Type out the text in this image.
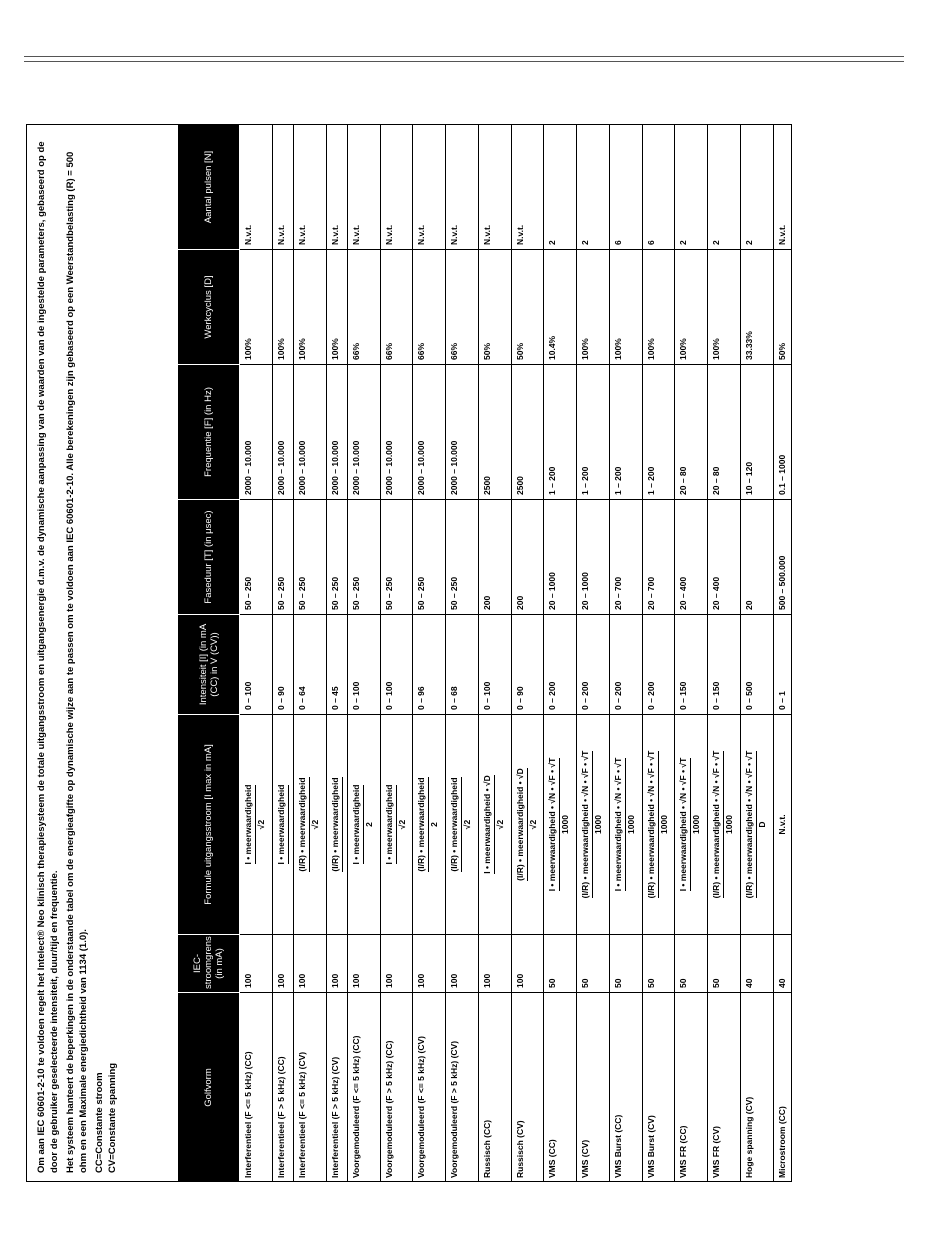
Om aan IEC 60601-2-10 te voldoen regelt het Intelect® Neo klinisch therapiesysteem de totale uitgangsstroom en uitgangsenergie d.m.v. de dynamische aanpassing van de waarden van de ingestelde parameters, gebaseerd op de door de gebruiker geselecteerde intensiteit, duur/tijd en frequentie. Het systeem hanteert de beperkingen in de onderstaande tabel om de energieafgifte op dynamische wijze aan te passen om te voldoen aan IEC 60601-2-10. Alle berekeningen zijn gebaseerd op een Weerstandbelasting (R) = 500 ohm en een Maximale energiedichtheid van 1134 (1.0). CC=Constante stroom CV=Constante spanning	Golfvorm	IEC-stroomgrens (in mA)	Formule uitgangsstroom [I max in mA]	Intensiteit [I] (in mA (CC) in V (CV))	Faseduur [T] (in μsec)	Frequentie [F] (in Hz)	Werkcyclus [D]	Aantal pulsen [N]
Interferentieel (F <= 5 kHz) (CC)	100	I • meerwaardigheid √2	0 – 100	50 – 250	2000 – 10.000	100%	N.v.t.
Interferentieel (F > 5 kHz) (CC)	100	I • meerwaardigheid	0 – 90	50 – 250	2000 – 10.000	100%	N.v.t.
Interferentieel (F <= 5 kHz) (CV)	100	(I/R) • meerwaardigheid √2	0 – 64	50 – 250	2000 – 10.000	100%	N.v.t.
Interferentieel (F > 5 kHz) (CV)	100	(I/R) • meerwaardigheid	0 – 45	50 – 250	2000 – 10.000	100%	N.v.t.
Voorgemoduleerd (F <= 5 kHz) (CC)	100	I • meerwaardigheid 2	0 – 100	50 – 250	2000 – 10.000	66%	N.v.t.
Voorgemoduleerd (F > 5 kHz) (CC)	100	I • meerwaardigheid √2	0 – 100	50 – 250	2000 – 10.000	66%	N.v.t.
Voorgemoduleerd (F <= 5 kHz) (CV)	100	(I/R) • meerwaardigheid 2	0 – 96	50 – 250	2000 – 10.000	66%	N.v.t.
Voorgemoduleerd (F > 5 kHz) (CV)	100	(I/R) • meerwaardigheid √2	0 – 68	50 – 250	2000 – 10.000	66%	N.v.t.
Russisch (CC)	100	I • meerwaardigheid • √D √2	0 – 100	200	2500	50%	N.v.t.
Russisch (CV)	100	(I/R) • meerwaardigheid • √D √2	0 – 90	200	2500	50%	N.v.t.
VMS (CC)	50	I • meerwaardigheid • √N • √F • √T 1000	0 – 200	20 – 1000	1 – 200	10.4%	2
VMS (CV)	50	(I/R) • meerwaardigheid • √N • √F • √T 1000	0 – 200	20 – 1000	1 – 200	100%	2
VMS Burst (CC)	50	I • meerwaardigheid • √N • √F • √T 1000	0 – 200	20 – 700	1 – 200	100%	6
VMS Burst (CV)	50	(I/R) • meerwaardigheid • √N • √F • √T 1000	0 – 200	20 – 700	1 – 200	100%	6
VMS FR (CC)	50	I • meerwaardigheid • √N • √F • √T 1000	0 – 150	20 – 400	20 – 80	100%	2
VMS FR (CV)	50	(I/R) • meerwaardigheid • √N • √F • √T 1000	0 – 150	20 – 400	20 – 80	100%	2
Hoge spanning (CV)	40	(I/R) • meerwaardigheid • √N • √F • √T D	0 – 500	20	10 – 120	33.33%	2
Microstroom (CC)	40	N.v.t.	0 – 1	500 – 500.000	0.1 – 1000	50%	N.v.t.
